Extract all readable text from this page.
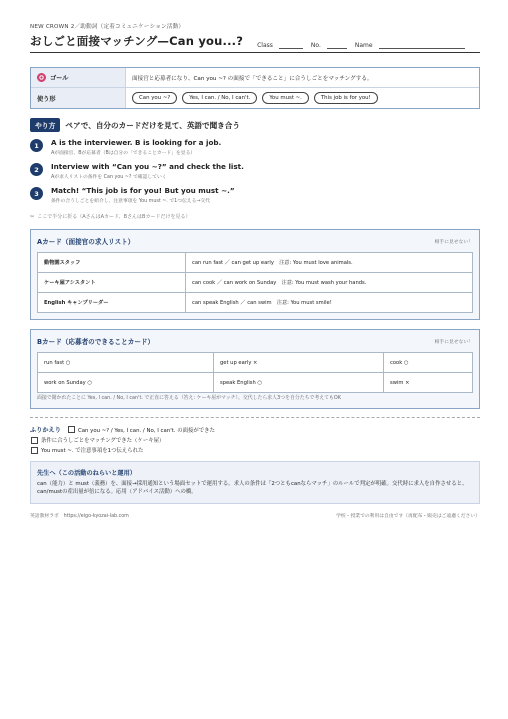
NEW CROWN 2／助動詞（定着コミュニケーション活動）
おしごと面接マッチング—Can you...? Class	No.	Name
ゴール	面接官と応募者になり、Can you ~? の面接で「できること」に合うしごとをマッチングする。
使う形	Can you ~?	Yes, I can. / No, I can't.	You must ~.	This job is for you!
やり方	ペアで、自分のカードだけを見て、英語で聞き合う
1	A is the interviewer. B is looking for a job.
Aが面接官、Bが応募者（Bは自分の「できることカード」を見る）
2	Interview with “Can you ~?” and check the list.
Aが求人リストの条件を Can you ~? で確認していく
3	Match! “This job is for you! But you must ~.”
条件の合うしごとを紹介し、注意事項を You must ~. で1つ伝える→交代
✂ ここで半分に折る（AさんはAカード、BさんはBカードだけを見る）
Aカード（面接官の求人リスト）	相手に見せない！
動物園スタッフ	can run fast ／ can get up early　注意: You must love animals.
ケーキ屋アシスタント	can cook ／ can work on Sunday　注意: You must wash your hands.
English キャンプリーダー	can speak English ／ can swim　注意: You must smile!
Bカード（応募者のできることカード）	相手に見せない！
run fast ○	get up early ×	cook ○
work on Sunday ○	speak English ○	swim ×
面接で聞かれたことに Yes, I can. / No, I can't. で正直に答える（答え: ケーキ屋がマッチ）。交代したら求人3つを自分たちで考えてもOK
ふりかえり	Can you ~? / Yes, I can. / No, I can't. の面接ができた
条件に合うしごとをマッチングできた（ケーキ屋）
You must ~. で注意事項を1つ伝えられた
先生へ（この活動のねらいと運用）
can（能力）と must（義務）を、面接→採用通知という場面セットで運用する。求人の条件は「2つともcanならマッチ」のルールで判定が明確。交代時に求人を自作させると、can/mustの産出量が倍になる。応用（アドバイス活動）への橋。
英語教材ラボ　https://eigo-kyozai-lab.com	学校・授業での利用は自由です（再配布・販売はご遠慮ください）
